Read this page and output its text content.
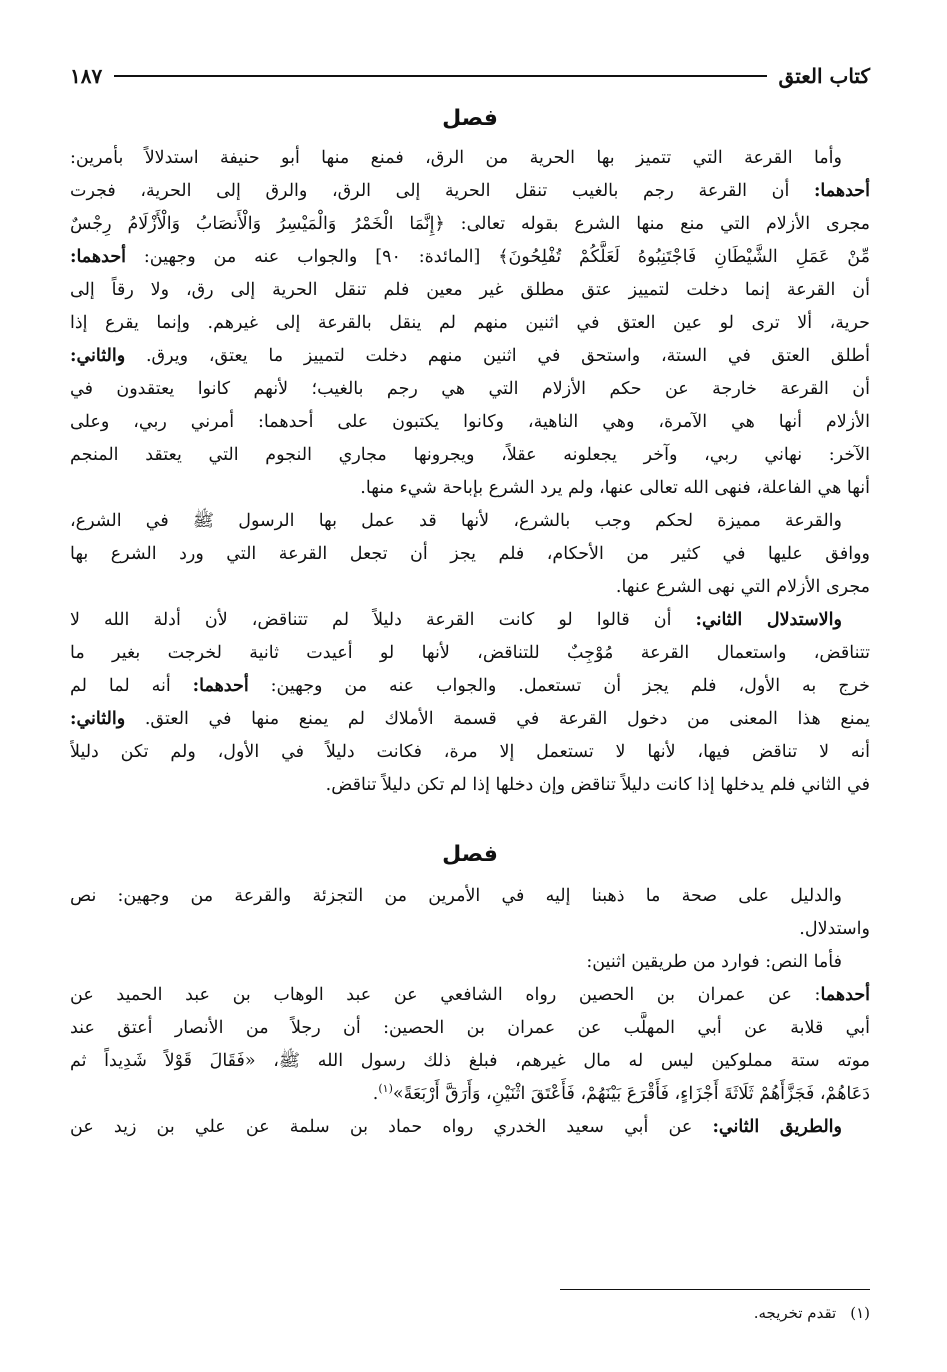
كتاب العتق
١٨٧
فصل
وأما القرعة التي تتميز بها الحرية من الرق، فمنع منها أبو حنيفة استدلالاً بأمرين:
أحدهما: أن القرعة رجم بالغيب تنقل الحرية إلى الرق، والرق إلى الحرية، فجرت
مجرى الأزلام التي منع منها الشرع بقوله تعالى: ﴿إِنَّمَا الْخَمْرُ وَالْمَيْسِرُ وَالْأَنصَابُ وَالْأَزْلَامُ رِجْسٌ
مِّنْ عَمَلِ الشَّيْطَانِ فَاجْتَنِبُوهُ لَعَلَّكُمْ تُفْلِحُونَ﴾ [المائدة: ٩٠] والجواب عنه من وجهين: أحدهما:
أن القرعة إنما دخلت لتمييز عتق مطلق غير معين فلم تنقل الحرية إلى رق، ولا رقاً إلى
حرية، ألا ترى لو عين العتق في اثنين منهم لم ينقل بالقرعة إلى غيرهم. وإنما يقرع إذا
أطلق العتق في الستة، واستحق في اثنين منهم دخلت لتمييز ما يعتق، ويرق. والثاني:
أن القرعة خارجة عن حكم الأزلام التي هي رجم بالغيب؛ لأنهم كانوا يعتقدون في
الأزلام أنها هي الآمرة، وهي الناهية، وكانوا يكتبون على أحدهما: أمرني ربي، وعلى
الآخر: نهاني ربي، وآخر يجعلونه عقلاً، ويجرونها مجاري النجوم التي يعتقد المنجم
أنها هي الفاعلة، فنهى الله تعالى عنها، ولم يرد الشرع بإباحة شيء منها.
والقرعة مميزة لحكم وجب بالشرع، لأنها قد عمل بها الرسول ﷺ في الشرع،
ووافق عليها في كثير من الأحكام، فلم يجز أن تجعل القرعة التي ورد الشرع بها
مجرى الأزلام التي نهى الشرع عنها.
والاستدلال الثاني: أن قالوا لو كانت القرعة دليلاً لم تتناقض، لأن أدلة الله لا
تتناقض، واستعمال القرعة مُوْجِبٌ للتناقض، لأنها لو أعيدت ثانية لخرجت بغير ما
خرج به الأول، فلم يجز أن تستعمل. والجواب عنه من وجهين: أحدهما: أنه لما لم
يمنع هذا المعنى من دخول القرعة في قسمة الأملاك لم يمنع منها في العتق. والثاني:
أنه لا تناقض فيها، لأنها لا تستعمل إلا مرة، فكانت دليلاً في الأول، ولم تكن دليلاً
في الثاني فلم يدخلها إذا كانت دليلاً تناقض وإن دخلها إذا لم تكن دليلاً تناقض.
فصل
والدليل على صحة ما ذهبنا إليه في الأمرين من التجزئة والقرعة من وجهين: نص
واستدلال.
فأما النص: فوارد من طريقين اثنين:
أحدهما: عن عمران بن الحصين رواه الشافعي عن عبد الوهاب بن عبد الحميد عن
أبي قلابة عن أبي المهلَّب عن عمران بن الحصين: أن رجلاً من الأنصار أعتق عند
موته ستة مملوكين ليس له مال غيرهم، فبلغ ذلك رسول الله ﷺ، «فَقَالَ قَوْلاً شَدِيداً ثم
دَعَاهُمْ، فَجَزَّأَهُمْ ثَلَاثَةَ أَجْزَاءٍ، فَأَقْرَعَ بَيْنَهُمْ، فَأَعْتَقَ اثْنَيْنِ، وَأَرَقَّ أَرْبَعَةً»$^{(١)}$.
والطريق الثاني: عن أبي سعيد الخدري رواه حماد بن سلمة عن علي بن زيد عن
(١)تقدم تخريجه.
